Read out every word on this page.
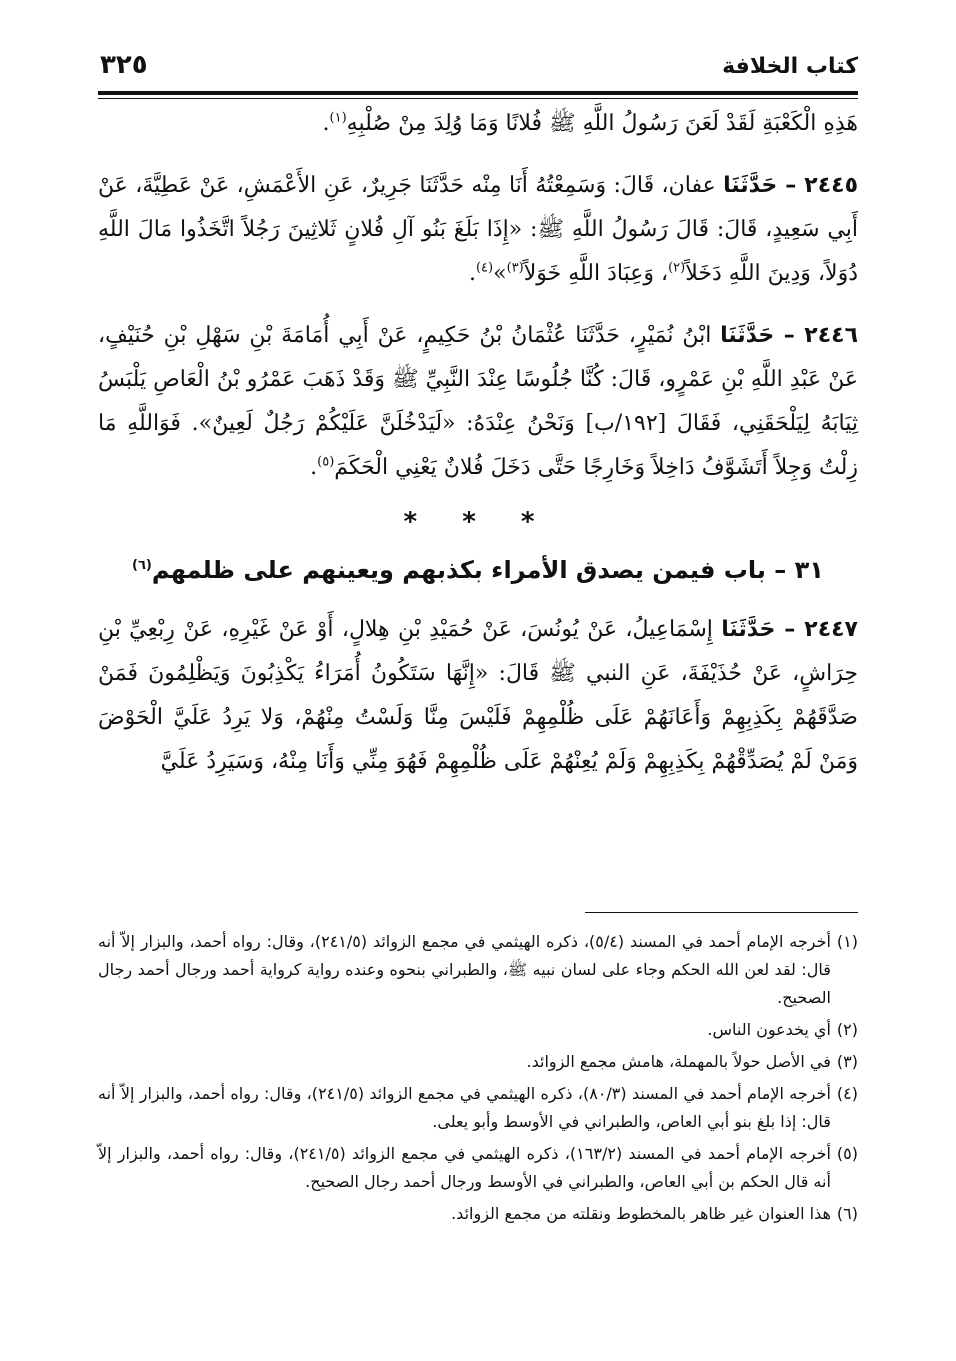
كتاب الخلافة
٣٢٥

هَذِهِ الْكَعْبَةِ لَقَدْ لَعَنَ رَسُولُ اللَّهِ ﷺ فُلانًا وَمَا وُلِدَ مِنْ صُلْبِهِ$^{(١)}$.

٢٤٤٥ – حَدَّثَنَا عفان، قَالَ: وَسَمِعْتُهُ أَنَا مِنْه حَدَّثَنَا جَرِيرٌ، عَنِ الأَعْمَشِ، عَنْ عَطِيَّةَ، عَنْ أَبِي سَعِيدٍ، قَالَ: قَالَ رَسُولُ اللَّهِ ﷺ: «إِذَا بَلَغَ بَنُو آلِ فُلانٍ ثَلاثِينَ رَجُلاً اتَّخَذُوا مَالَ اللَّهِ دُوَلاً، وَدِينَ اللَّهِ دَخَلاً$^{(٢)}$، وَعِبَادَ اللَّهِ خَوَلاً$^{(٣)}$»$^{(٤)}$.

٢٤٤٦ – حَدَّثَنَا ابْنُ نُمَيْرٍ، حَدَّثَنَا عُثْمَانُ بْنُ حَكِيمٍ، عَنْ أَبِي أُمَامَةَ بْنِ سَهْلِ بْنِ حُنَيْفٍ، عَنْ عَبْدِ اللَّهِ بْنِ عَمْرٍو، قَالَ: كُنَّا جُلُوسًا عِنْدَ النَّبِيِّ ﷺ وَقَدْ ذَهَبَ عَمْرُو بْنُ الْعَاصِ يَلْبَسُ ثِيَابَهُ لِيَلْحَقَنِي، فَقَالَ [١٩٢/ب] وَنَحْنُ عِنْدَهُ: «لَيَدْخُلَنَّ عَلَيْكُمْ رَجُلٌ لَعِينٌ». فَوَاللَّهِ مَا زِلْتُ وَجِلاً أَتَشَوَّفُ دَاخِلاً وَخَارِجًا حَتَّى دَخَلَ فُلانٌ يَعْنِي الْحَكَمَ$^{(٥)}$.

* * *
٣١ – باب فيمن يصدق الأمراء بكذبهم ويعينهم على ظلمهم$^{(٦)}$

٢٤٤٧ – حَدَّثَنَا إِسْمَاعِيلُ، عَنْ يُونُسَ، عَنْ حُمَيْدِ بْنِ هِلالٍ، أَوْ عَنْ غَيْرِهِ، عَنْ رِبْعِيِّ بْنِ حِرَاشٍ، عَنْ حُذَيْفَةَ، عَنِ النبي ﷺ قَالَ: «إِنَّهَا سَتَكُونُ أُمَرَاءُ يَكْذِبُونَ وَيَظْلِمُونَ فَمَنْ صَدَّقَهُمْ بِكَذِبِهِمْ وَأَعَانَهُمْ عَلَى ظُلْمِهِمْ فَلَيْسَ مِنَّا وَلَسْتُ مِنْهُمْ، وَلا يَرِدُ عَلَيَّ الْحَوْضَ وَمَنْ لَمْ يُصَدِّقْهُمْ بِكَذِبِهِمْ وَلَمْ يُعِنْهُمْ عَلَى ظُلْمِهِمْ فَهُوَ مِنِّي وَأَنَا مِنْهُ، وَسَيَرِدُ عَلَيَّ

(١)
أخرجه الإمام أحمد في المسند (٥/٤)، ذكره الهيثمي في مجمع الزوائد (٢٤١/٥)، وقال: رواه أحمد، والبزار إلاّ أنه قال: لقد لعن الله الحكم وجاء على لسان نبيه ﷺ، والطبراني بنحوه وعنده رواية كرواية أحمد ورجال أحمد رجال الصحيح.
(٢)
أي يخدعون الناس.
(٣)
في الأصل حولاً بالمهملة، هامش مجمع الزوائد.
(٤)
أخرجه الإمام أحمد في المسند (٨٠/٣)، ذكره الهيثمي في مجمع الزوائد (٢٤١/٥)، وقال: رواه أحمد، والبزار إلاّ أنه قال: إذا بلغ بنو أبي العاص، والطبراني في الأوسط وأبو يعلى.
(٥)
أخرجه الإمام أحمد في المسند (١٦٣/٢)، ذكره الهيثمي في مجمع الزوائد (٢٤١/٥)، وقال: رواه أحمد، والبزار إلاّ أنه قال الحكم بن أبي العاص، والطبراني في الأوسط ورجال أحمد رجال الصحيح.
(٦)
هذا العنوان غير ظاهر بالمخطوط ونقلته من مجمع الزوائد.
